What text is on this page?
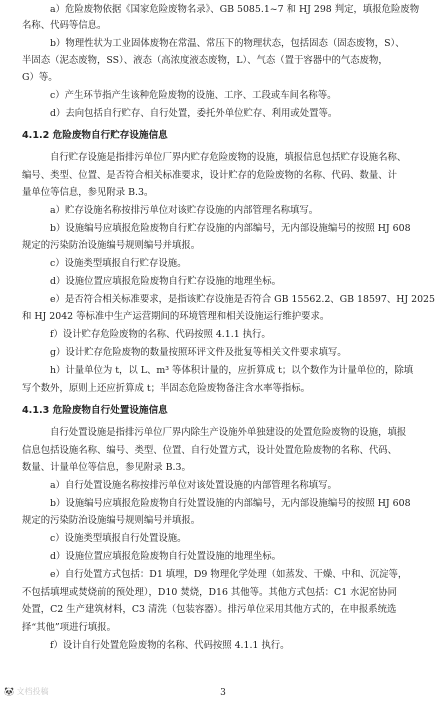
a）危险废物依据《国家危险废物名录》、GB 5085.1~7 和 HJ 298 判定，填报危险废物
名称、代码等信息。
b）物理性状为工业固体废物在常温、常压下的物理状态，包括固态（固态废物，S）、
半固态（泥态废物，SS）、液态（高浓度液态废物，L）、气态（置于容器中的气态废物，
G）等。
c）产生环节指产生该种危险废物的设施、工序、工段或车间名称等。
d）去向包括自行贮存、自行处置，委托外单位贮存、利用或处置等。
4.1.2 危险废物自行贮存设施信息
自行贮存设施是指排污单位厂界内贮存危险废物的设施，填报信息包括贮存设施名称、
编号、类型、位置、是否符合相关标准要求，设计贮存的危险废物的名称、代码、数量、计
量单位等信息，参见附录 B.3。
a）贮存设施名称按排污单位对该贮存设施的内部管理名称填写。
b）设施编号应填报危险废物自行贮存设施的内部编号，无内部设施编号的按照 HJ 608
规定的污染防治设施编号规则编号并填报。
c）设施类型填报自行贮存设施。
d）设施位置应填报危险废物自行贮存设施的地理坐标。
e）是否符合相关标准要求，是指该贮存设施是否符合 GB 15562.2、GB 18597、HJ 2025
和 HJ 2042 等标准中生产运营期间的环境管理和相关设施运行维护要求。
f）设计贮存危险废物的名称、代码按照 4.1.1 执行。
g）设计贮存危险废物的数量按照环评文件及批复等相关文件要求填写。
h）计量单位为 t，以 L、m³ 等体积计量的，应折算成 t；以个数作为计量单位的，除填
写个数外，原则上还应折算成 t；半固态危险废物备注含水率等指标。
4.1.3 危险废物自行处置设施信息
自行处置设施是指排污单位厂界内除生产设施外单独建设的处置危险废物的设施，填报
信息包括设施名称、编号、类型、位置、自行处置方式，设计处置危险废物的名称、代码、
数量、计量单位等信息，参见附录 B.3。
a）自行处置设施名称按排污单位对该处置设施的内部管理名称填写。
b）设施编号应填报危险废物自行处置设施的内部编号，无内部设施编号的按照 HJ 608
规定的污染防治设施编号规则编号并填报。
c）设施类型填报自行处置设施。
d）设施位置应填报危险废物自行处置设施的地理坐标。
e）自行处置方式包括：D1 填埋，D9 物理化学处理（如蒸发、干燥、中和、沉淀等，
不包括填埋或焚烧前的预处理），D10 焚烧，D16 其他等。其他方式包括：C1 水泥窑协同
处置，C2 生产建筑材料，C3 清洗（包装容器）。排污单位采用其他方式的，在申报系统选
择“其他”项进行填报。
f）设计自行处置危险废物的名称、代码按照 4.1.1 执行。
🐼 文档投稿	3
